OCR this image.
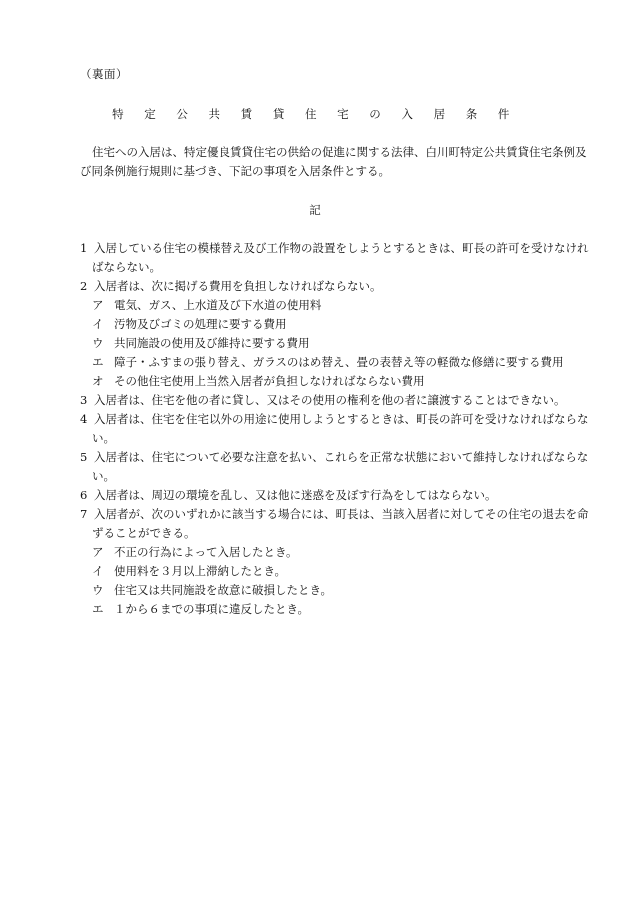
（裏面）
特 定 公 共 賃 貸 住 宅 の 入 居 条 件
住宅への入居は、特定優良賃貸住宅の供給の促進に関する法律、白川町特定公共賃貸住宅条例及び同条例施行規則に基づき、下記の事項を入居条件とする。
記
1 入居している住宅の模様替え及び工作物の設置をしようとするときは、町長の許可を受けなければならない。
2 入居者は、次に掲げる費用を負担しなければならない。
ア 電気、ガス、上水道及び下水道の使用料
イ 汚物及びゴミの処理に要する費用
ウ 共同施設の使用及び維持に要する費用
エ 障子・ふすまの張り替え、ガラスのはめ替え、畳の表替え等の軽微な修繕に要する費用
オ その他住宅使用上当然入居者が負担しなければならない費用
3 入居者は、住宅を他の者に貸し、又はその使用の権利を他の者に譲渡することはできない。
4 入居者は、住宅を住宅以外の用途に使用しようとするときは、町長の許可を受けなければならない。
5 入居者は、住宅について必要な注意を払い、これらを正常な状態において維持しなければならない。
6 入居者は、周辺の環境を乱し、又は他に迷惑を及ぼす行為をしてはならない。
7 入居者が、次のいずれかに該当する場合には、町長は、当該入居者に対してその住宅の退去を命ずることができる。
ア 不正の行為によって入居したとき。
イ 使用料を３月以上滞納したとき。
ウ 住宅又は共同施設を故意に破損したとき。
エ １から６までの事項に違反したとき。
